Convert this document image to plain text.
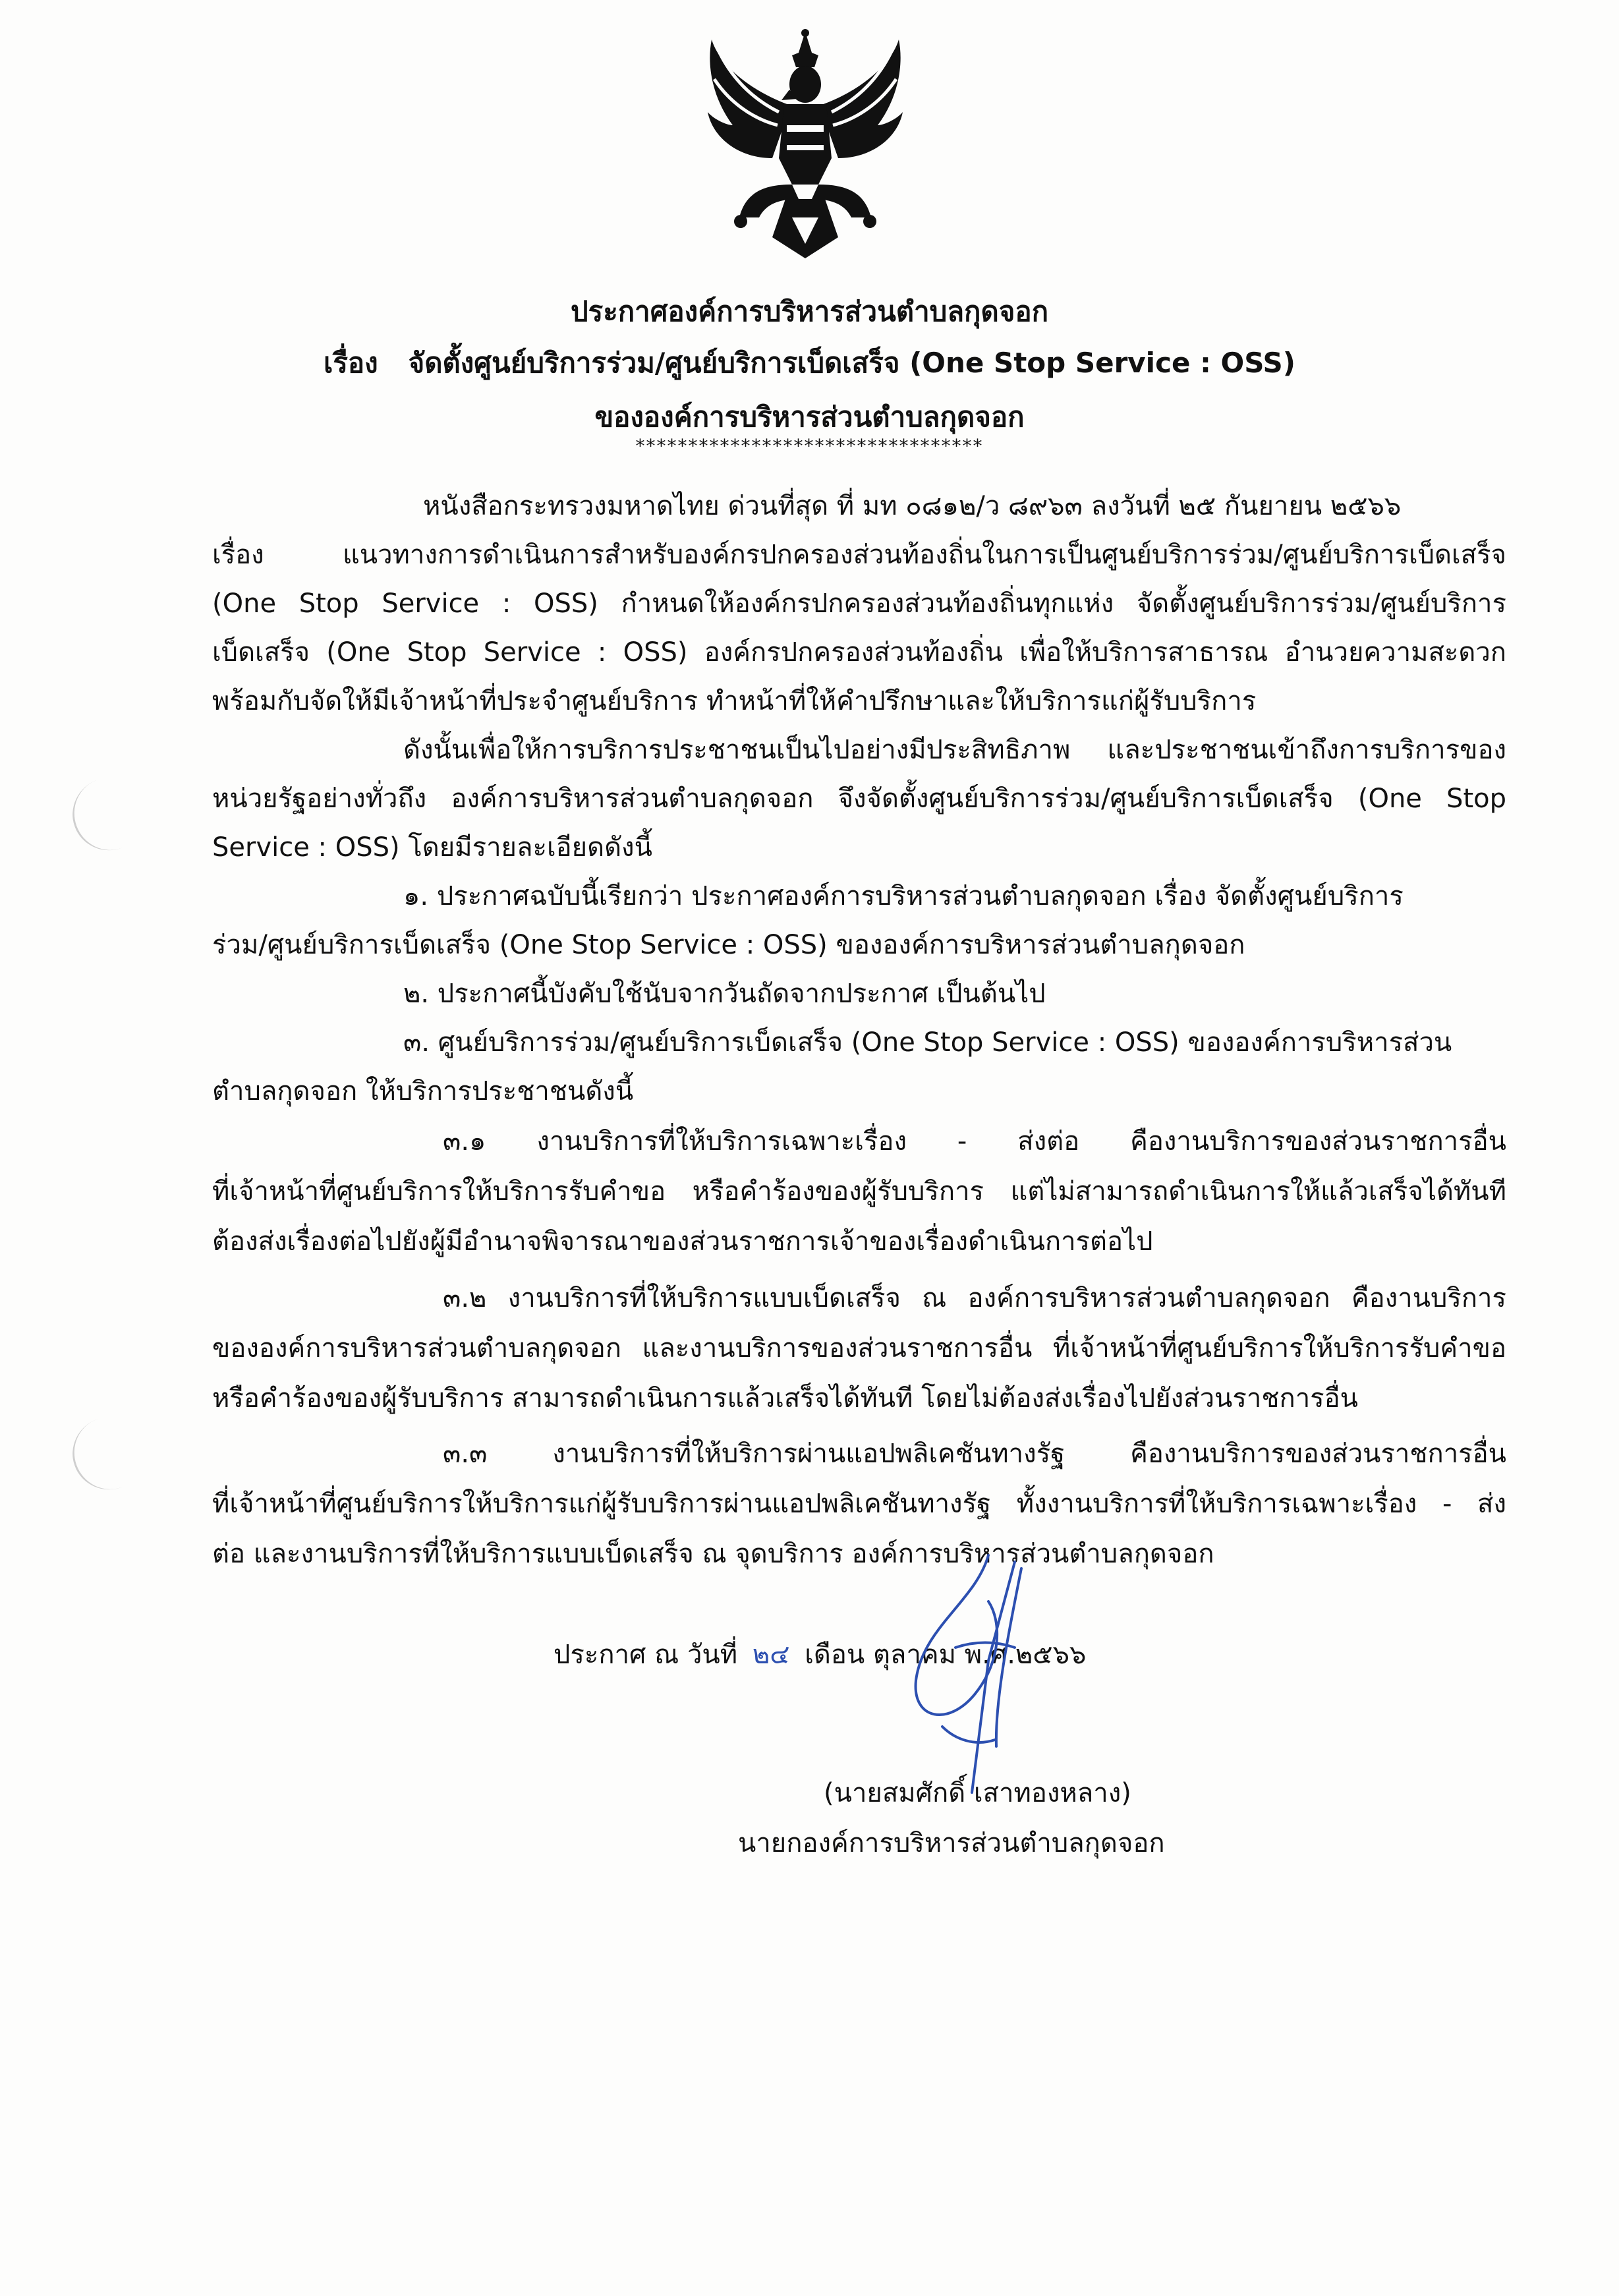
ประกาศองค์การบริหารส่วนตำบลกุดจอก
เรื่อง จัดตั้งศูนย์บริการร่วม/ศูนย์บริการเบ็ดเสร็จ (One Stop Service : OSS)
ขององค์การบริหารส่วนตำบลกุดจอก
*********************************
หนังสือกระทรวงมหาดไทย ด่วนที่สุด ที่ มท ๐๘๑๒/ว ๘๙๖๓ ลงวันที่ ๒๕ กันยายน ๒๕๖๖
เรื่อง แนวทางการดำเนินการสำหรับองค์กรปกครองส่วนท้องถิ่นในการเป็นศูนย์บริการร่วม/ศูนย์บริการเบ็ดเสร็จ
(One Stop Service : OSS) กำหนดให้องค์กรปกครองส่วนท้องถิ่นทุกแห่ง จัดตั้งศูนย์บริการร่วม/ศูนย์บริการ
เบ็ดเสร็จ (One Stop Service : OSS) องค์กรปกครองส่วนท้องถิ่น เพื่อให้บริการสาธารณ อำนวยความสะดวก
พร้อมกับจัดให้มีเจ้าหน้าที่ประจำศูนย์บริการ ทำหน้าที่ให้คำปรึกษาและให้บริการแก่ผู้รับบริการ
ดังนั้นเพื่อให้การบริการประชาชนเป็นไปอย่างมีประสิทธิภาพ และประชาชนเข้าถึงการบริการของ
หน่วยรัฐอย่างทั่วถึง องค์การบริหารส่วนตำบลกุดจอก จึงจัดตั้งศูนย์บริการร่วม/ศูนย์บริการเบ็ดเสร็จ (One Stop
Service : OSS) โดยมีรายละเอียดดังนี้
๑. ประกาศฉบับนี้เรียกว่า ประกาศองค์การบริหารส่วนตำบลกุดจอก เรื่อง จัดตั้งศูนย์บริการ
ร่วม/ศูนย์บริการเบ็ดเสร็จ (One Stop Service : OSS) ขององค์การบริหารส่วนตำบลกุดจอก
๒. ประกาศนี้บังคับใช้นับจากวันถัดจากประกาศ เป็นต้นไป
๓. ศูนย์บริการร่วม/ศูนย์บริการเบ็ดเสร็จ (One Stop Service : OSS) ขององค์การบริหารส่วน
ตำบลกุดจอก ให้บริการประชาชนดังนี้
๓.๑ งานบริการที่ให้บริการเฉพาะเรื่อง - ส่งต่อ คืองานบริการของส่วนราชการอื่น
ที่เจ้าหน้าที่ศูนย์บริการให้บริการรับคำขอ หรือคำร้องของผู้รับบริการ แต่ไม่สามารถดำเนินการให้แล้วเสร็จได้ทันที
ต้องส่งเรื่องต่อไปยังผู้มีอำนาจพิจารณาของส่วนราชการเจ้าของเรื่องดำเนินการต่อไป
๓.๒ งานบริการที่ให้บริการแบบเบ็ดเสร็จ ณ องค์การบริหารส่วนตำบลกุดจอก คืองานบริการ
ขององค์การบริหารส่วนตำบลกุดจอก และงานบริการของส่วนราชการอื่น ที่เจ้าหน้าที่ศูนย์บริการให้บริการรับคำขอ
หรือคำร้องของผู้รับบริการ สามารถดำเนินการแล้วเสร็จได้ทันที โดยไม่ต้องส่งเรื่องไปยังส่วนราชการอื่น
๓.๓ งานบริการที่ให้บริการผ่านแอปพลิเคชันทางรัฐ คืองานบริการของส่วนราชการอื่น
ที่เจ้าหน้าที่ศูนย์บริการให้บริการแก่ผู้รับบริการผ่านแอปพลิเคชันทางรัฐ ทั้งงานบริการที่ให้บริการเฉพาะเรื่อง - ส่ง
ต่อ และงานบริการที่ให้บริการแบบเบ็ดเสร็จ ณ จุดบริการ องค์การบริหารส่วนตำบลกุดจอก
ประกาศ ณ วันที่ ๒๔ เดือน ตุลาคม พ.ศ.๒๕๖๖
(นายสมศักดิ์ เสาทองหลาง)
นายกองค์การบริหารส่วนตำบลกุดจอก
